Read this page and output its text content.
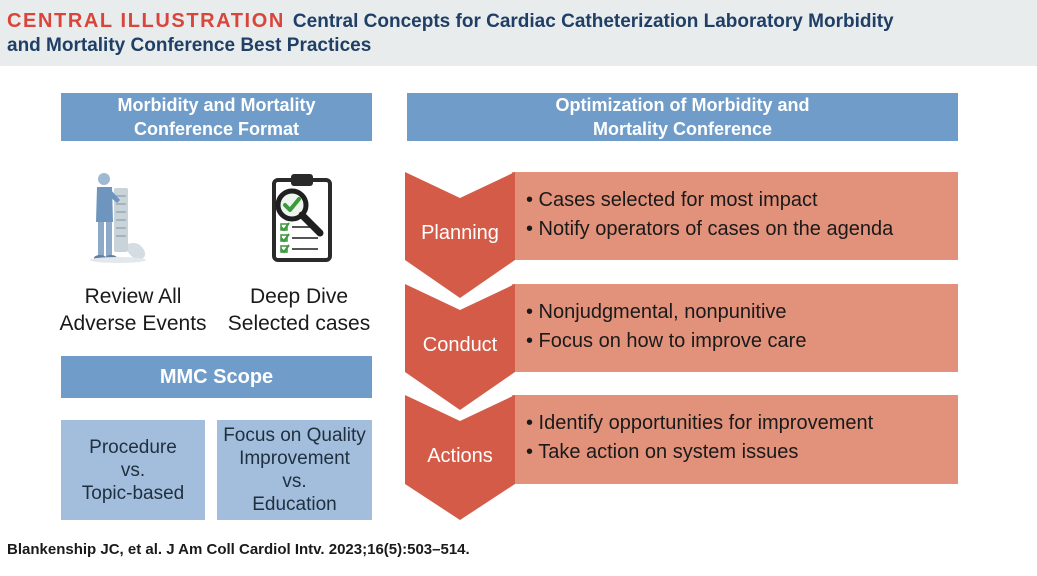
CENTRAL ILLUSTRATION Central Concepts for Cardiac Catheterization Laboratory Morbidity
and Mortality Conference Best Practices
Morbidity and Mortality
Conference Format
Review All
Adverse Events
Deep Dive
Selected cases
MMC Scope
Procedure
vs.
Topic-based
Focus on Quality
Improvement
vs.
Education
Optimization of Morbidity and
Mortality Conference
Planning
• Cases selected for most impact
• Notify operators of cases on the agenda
Conduct
• Nonjudgmental, nonpunitive
• Focus on how to improve care
Actions
• Identify opportunities for improvement
• Take action on system issues
Blankenship JC, et al. J Am Coll Cardiol Intv. 2023;16(5):503–514.
